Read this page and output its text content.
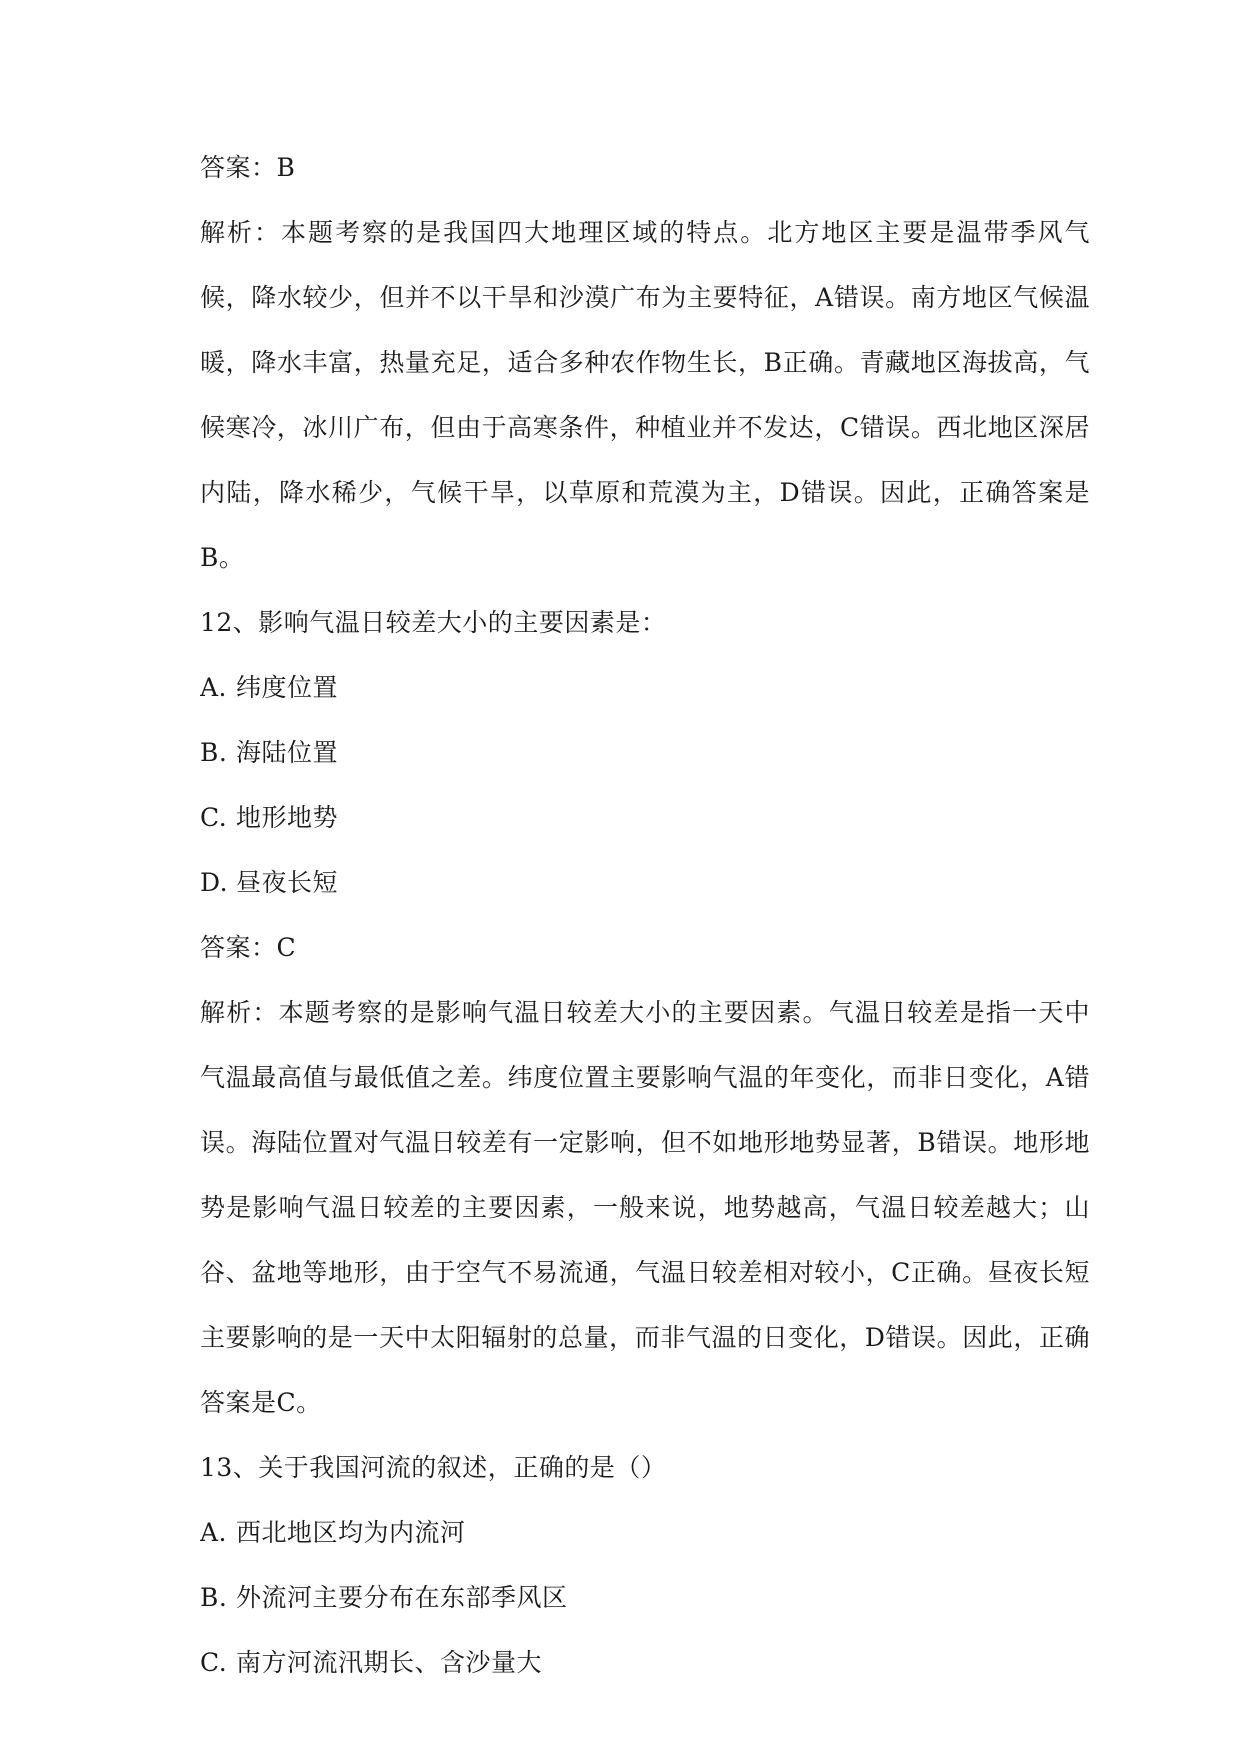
答案：B
解析：本题考察的是我国四大地理区域的特点。北方地区主要是温带季风气候，降水较少，但并不以干旱和沙漠广布为主要特征，A错误。南方地区气候温暖，降水丰富，热量充足，适合多种农作物生长，B正确。青藏地区海拔高，气候寒冷，冰川广布，但由于高寒条件，种植业并不发达，C错误。西北地区深居内陆，降水稀少，气候干旱，以草原和荒漠为主，D错误。因此，正确答案是B。
12、影响气温日较差大小的主要因素是：
A. 纬度位置
B. 海陆位置
C. 地形地势
D. 昼夜长短
答案：C
解析：本题考察的是影响气温日较差大小的主要因素。气温日较差是指一天中气温最高值与最低值之差。纬度位置主要影响气温的年变化，而非日变化，A错误。海陆位置对气温日较差有一定影响，但不如地形地势显著，B错误。地形地势是影响气温日较差的主要因素，一般来说，地势越高，气温日较差越大；山谷、盆地等地形，由于空气不易流通，气温日较差相对较小，C正确。昼夜长短主要影响的是一天中太阳辐射的总量，而非气温的日变化，D错误。因此，正确答案是C。
13、关于我国河流的叙述，正确的是（）
A. 西北地区均为内流河
B. 外流河主要分布在东部季风区
C. 南方河流汛期长、含沙量大
